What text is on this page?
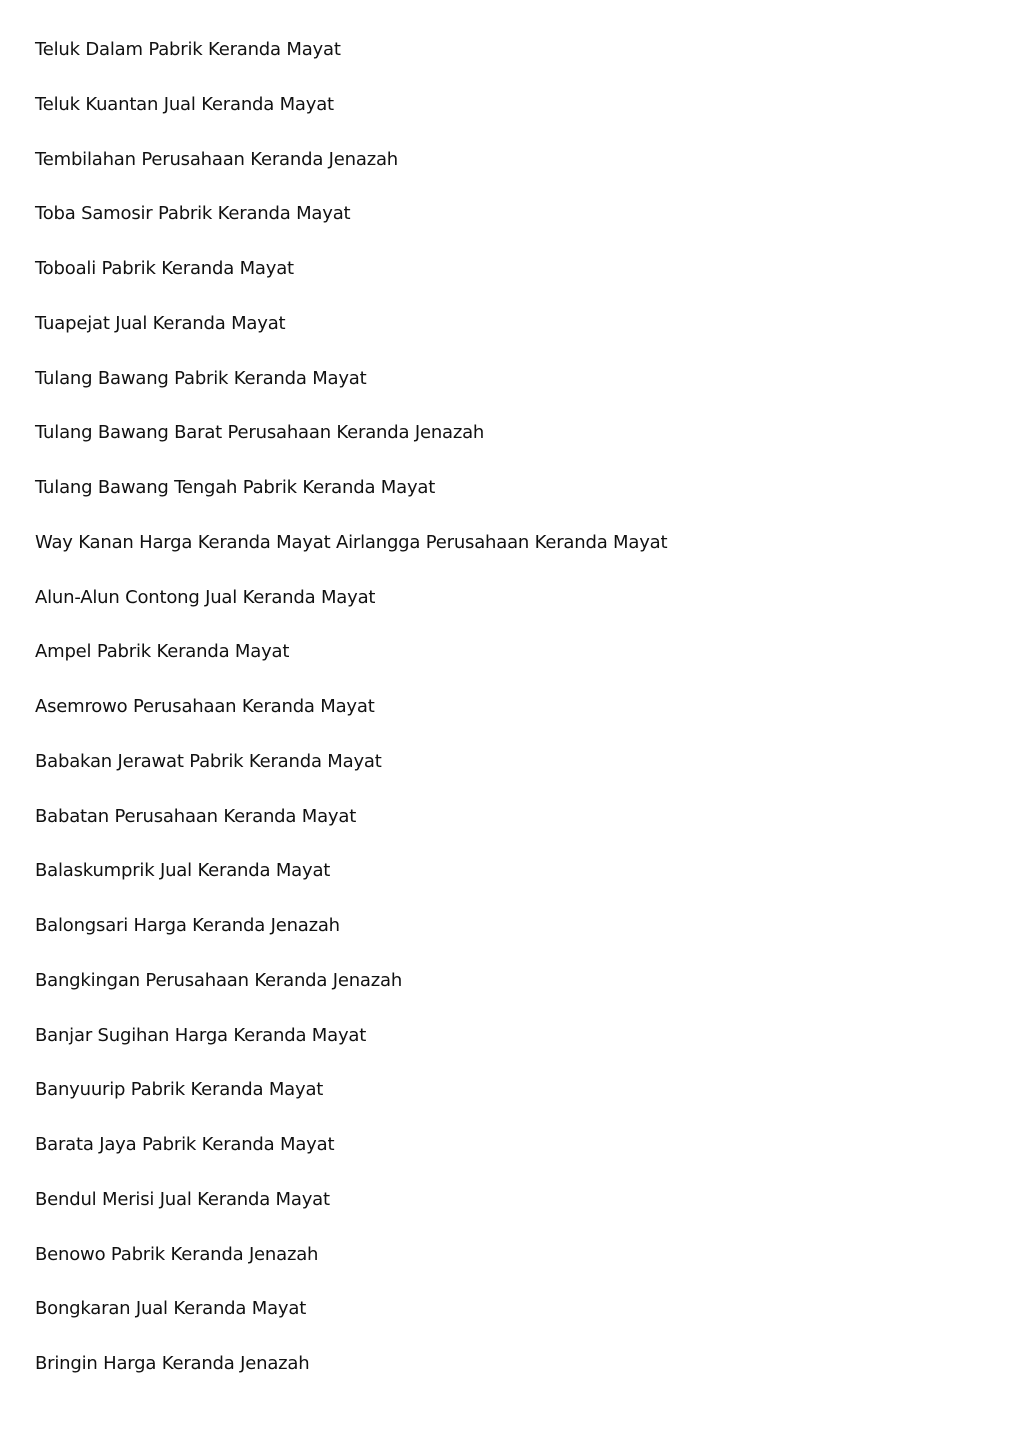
Teluk Dalam Pabrik Keranda Mayat
Teluk Kuantan Jual Keranda Mayat
Tembilahan Perusahaan Keranda Jenazah
Toba Samosir Pabrik Keranda Mayat
Toboali Pabrik Keranda Mayat
Tuapejat Jual Keranda Mayat
Tulang Bawang Pabrik Keranda Mayat
Tulang Bawang Barat Perusahaan Keranda Jenazah
Tulang Bawang Tengah Pabrik Keranda Mayat
Way Kanan Harga Keranda Mayat Airlangga Perusahaan Keranda Mayat
Alun-Alun Contong Jual Keranda Mayat
Ampel Pabrik Keranda Mayat
Asemrowo Perusahaan Keranda Mayat
Babakan Jerawat Pabrik Keranda Mayat
Babatan Perusahaan Keranda Mayat
Balaskumprik Jual Keranda Mayat
Balongsari Harga Keranda Jenazah
Bangkingan Perusahaan Keranda Jenazah
Banjar Sugihan Harga Keranda Mayat
Banyuurip Pabrik Keranda Mayat
Barata Jaya Pabrik Keranda Mayat
Bendul Merisi Jual Keranda Mayat
Benowo Pabrik Keranda Jenazah
Bongkaran Jual Keranda Mayat
Bringin Harga Keranda Jenazah
